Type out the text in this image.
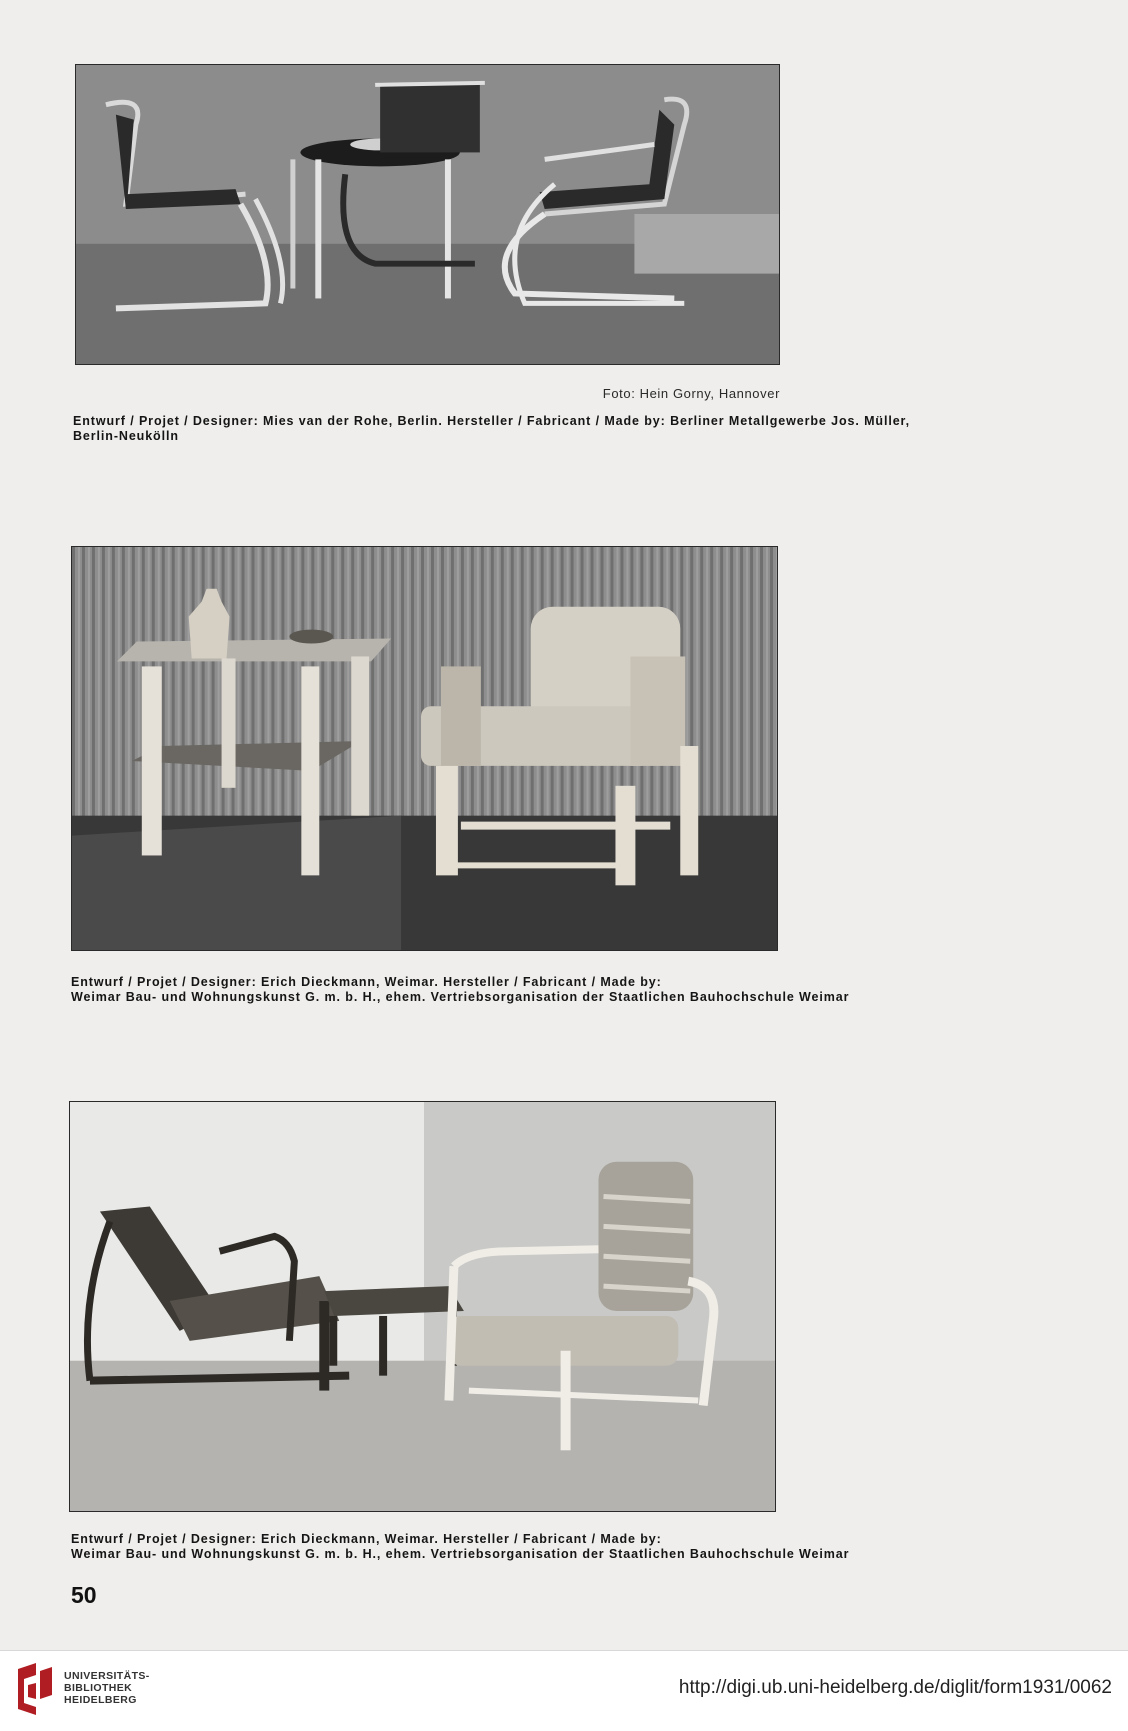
Foto: Hein Gorny, Hannover
Entwurf / Projet / Designer: Mies van der Rohe, Berlin. Hersteller / Fabricant / Made by: Berliner Metallgewerbe Jos. Müller,
Berlin-Neukölln
Entwurf / Projet / Designer: Erich Dieckmann, Weimar. Hersteller / Fabricant / Made by:
Weimar Bau- und Wohnungskunst G. m. b. H., ehem. Vertriebsorganisation der Staatlichen Bauhochschule Weimar
Entwurf / Projet / Designer: Erich Dieckmann, Weimar. Hersteller / Fabricant / Made by:
Weimar Bau- und Wohnungskunst G. m. b. H., ehem. Vertriebsorganisation der Staatlichen Bauhochschule Weimar
50
UNIVERSITÄTS-
BIBLIOTHEK
HEIDELBERG
http://digi.ub.uni-heidelberg.de/diglit/form1931/0062
